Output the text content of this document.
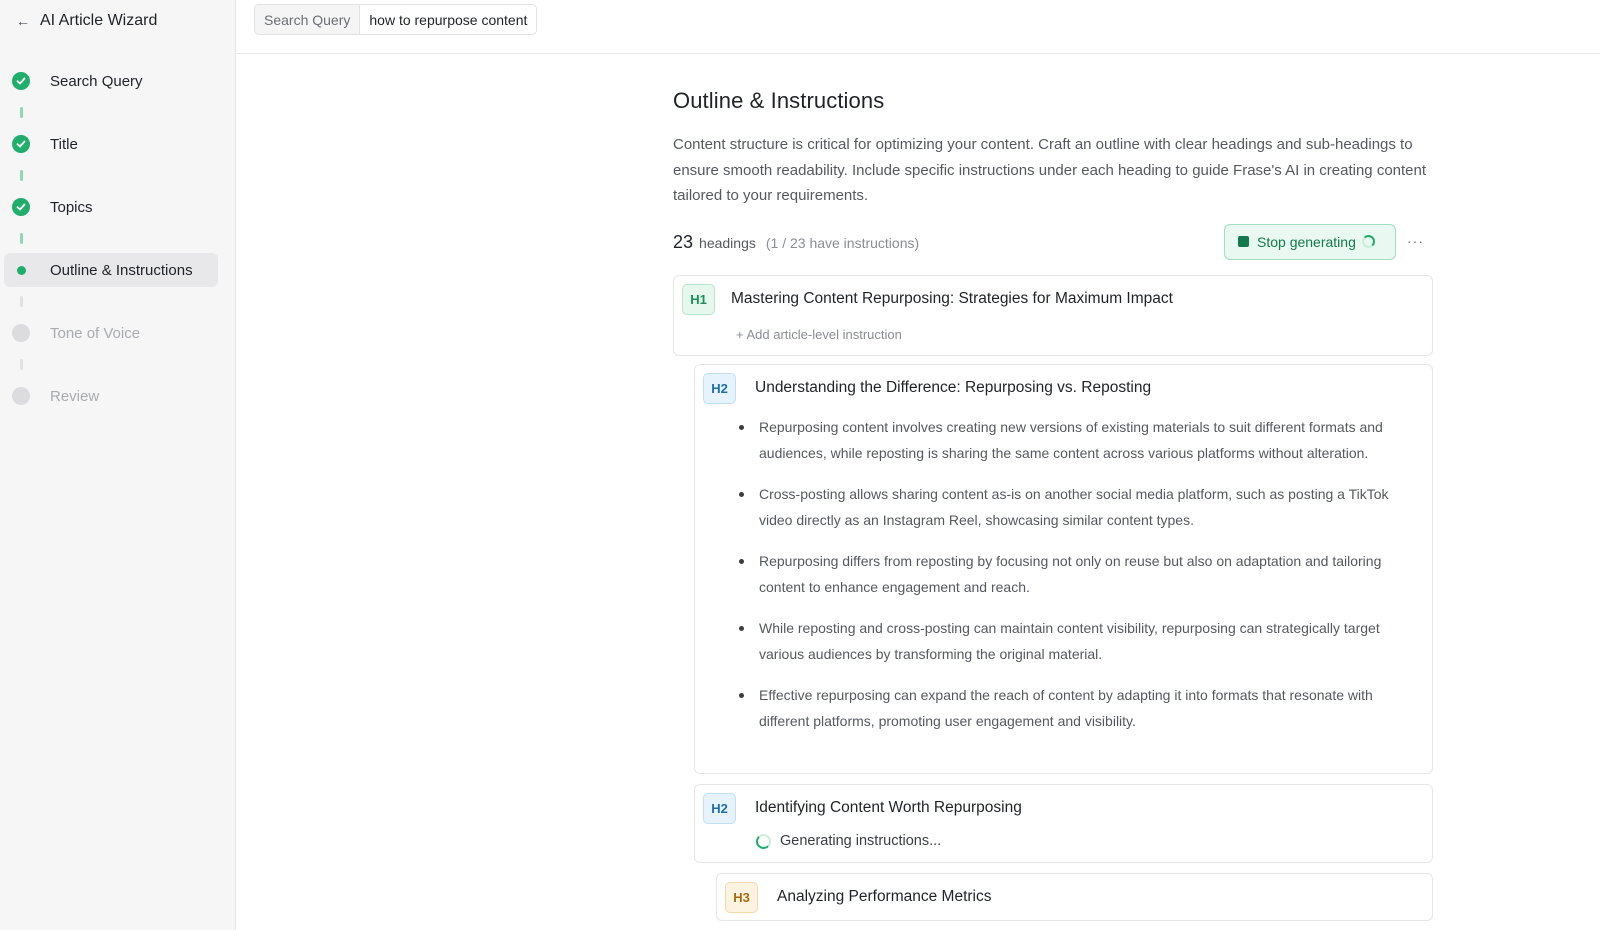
← AI Article Wizard
Search Query
Title
Topics
Outline & Instructions
Tone of Voice
Review
Search Query	how to repurpose content
Outline & Instructions

Content structure is critical for optimizing your content. Craft an outline with clear headings and sub-headings to ensure smooth readability. Include specific instructions under each heading to guide Frase's AI in creating content tailored to your requirements.

23 headings (1 / 23 have instructions)	Stop generating	···
H1	Mastering Content Repurposing: Strategies for Maximum Impact
+ Add article-level instruction
H2	Understanding the Difference: Repurposing vs. Reposting
Repurposing content involves creating new versions of existing materials to suit different formats and audiences, while reposting is sharing the same content across various platforms without alteration.
Cross-posting allows sharing content as-is on another social media platform, such as posting a TikTok video directly as an Instagram Reel, showcasing similar content types.
Repurposing differs from reposting by focusing not only on reuse but also on adaptation and tailoring content to enhance engagement and reach.
While reposting and cross-posting can maintain content visibility, repurposing can strategically target various audiences by transforming the original material.
Effective repurposing can expand the reach of content by adapting it into formats that resonate with different platforms, promoting user engagement and visibility.
H2	Identifying Content Worth Repurposing
Generating instructions...
H3	Analyzing Performance Metrics
